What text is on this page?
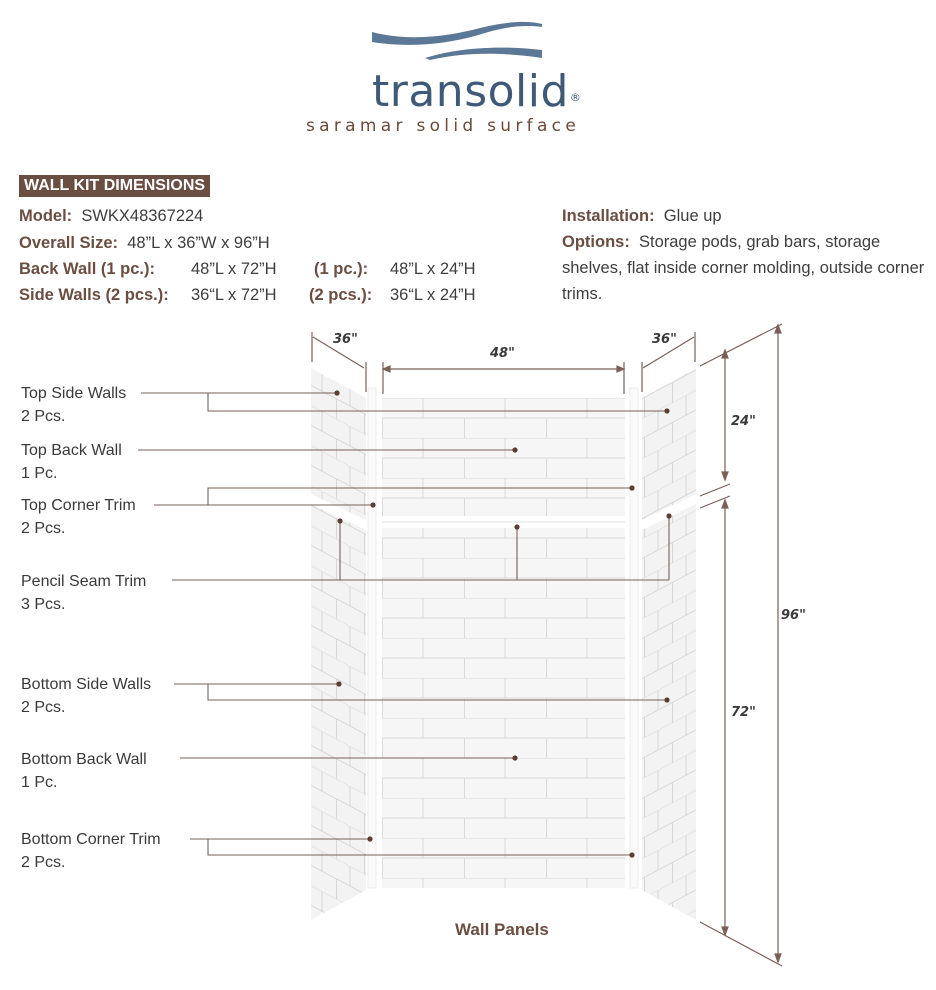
transolid®
saramar solid surface
WALL KIT DIMENSIONS
Model: SWKX48367224
Overall Size: 48”L x 36”W x 96”H
Back Wall (1 pc.): 48”L x 72”H (1 pc.): 48”L x 24”H
Side Walls (2 pcs.): 36“L x 72”H (2 pcs.): 36“L x 24”H
Installation: Glue up
Options: Storage pods, grab bars, storage shelves, flat inside corner molding, outside corner trims.
36"
48"
36"
24"
72"
96"
Top Side Walls
2 Pcs.
Top Back Wall
1 Pc.
Top Corner Trim
2 Pcs.
Pencil Seam Trim
3 Pcs.
Bottom Side Walls
2 Pcs.
Bottom Back Wall
1 Pc.
Bottom Corner Trim
2 Pcs.
Wall Panels
